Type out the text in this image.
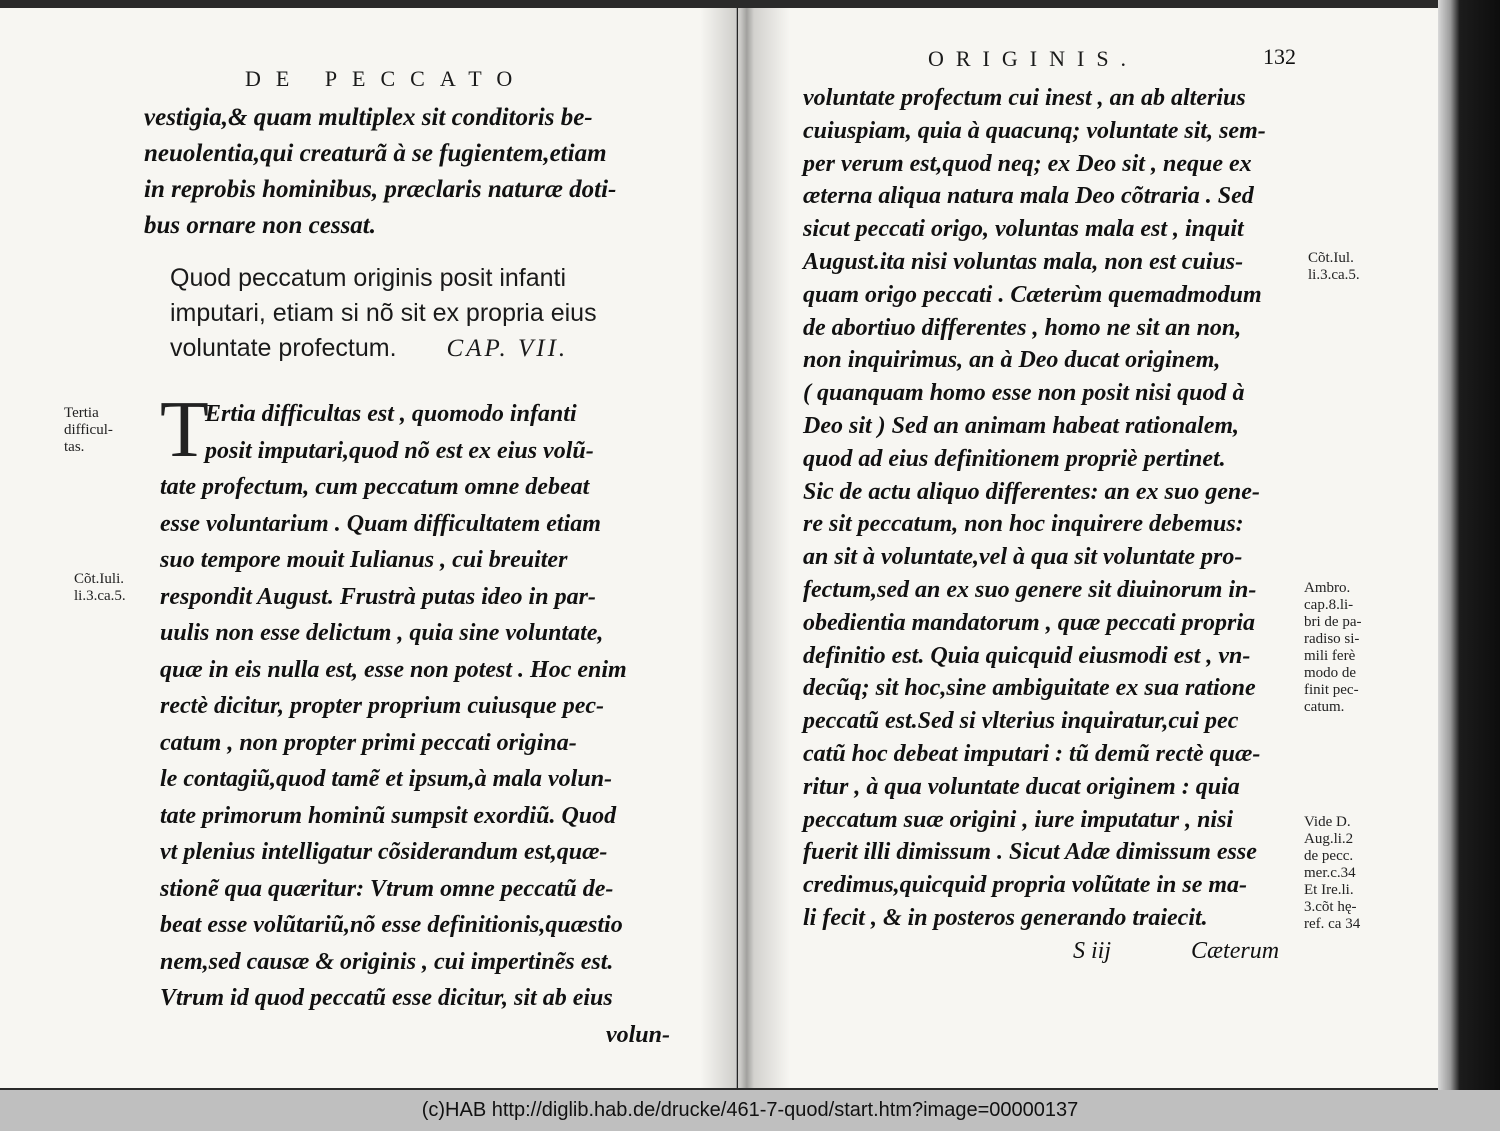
DE PECCATO
vestigia,& quam multiplex sit conditoris be-
neuolentia,qui creaturã à se fugientem,etiam
in reprobis hominibus, præclaris naturæ doti-
bus ornare non cessat.
Quod peccatum originis posit infanti
imputari, etiam si nõ sit ex propria eius
voluntate profectum. CAP. VII.
Tertia
difficul-
tas.
Cõt.Iuli.
li.3.ca.5.
T
Ertia difficultas est , quomodo infanti
posit imputari,quod nõ est ex eius volũ-
tate profectum, cum peccatum omne debeat
esse voluntarium . Quam difficultatem etiam
suo tempore mouit Iulianus , cui breuiter
respondit August. Frustrà putas ideo in par-
uulis non esse delictum , quia sine voluntate,
quæ in eis nulla est, esse non potest . Hoc enim
rectè dicitur, propter proprium cuiusque pec-
catum , non propter primi peccati origina-
le contagiũ,quod tamẽ et ipsum,à mala volun-
tate primorum hominũ sumpsit exordiũ. Quod
vt plenius intelligatur cõsiderandum est,quæ-
stionẽ qua quæritur: Vtrum omne peccatũ de-
beat esse volũtariũ,nõ esse definitionis,quæstio
nem,sed causæ & originis , cui impertinẽs est.
Vtrum id quod peccatũ esse dicitur, sit ab eius
volun-
ORIGINIS.	132
voluntate profectum cui inest , an ab alterius
cuiuspiam, quia à quacunq; voluntate sit, sem-
per verum est,quod neq; ex Deo sit , neque ex
æterna aliqua natura mala Deo cõtraria . Sed
sicut peccati origo, voluntas mala est , inquit
August.ita nisi voluntas mala, non est cuius-
quam origo peccati . Cæterùm quemadmodum
de abortiuo differentes , homo ne sit an non,
non inquirimus, an à Deo ducat originem,
( quanquam homo esse non posit nisi quod à
Deo sit ) Sed an animam habeat rationalem,
quod ad eius definitionem propriè pertinet.
Sic de actu aliquo differentes: an ex suo gene-
re sit peccatum, non hoc inquirere debemus:
an sit à voluntate,vel à qua sit voluntate pro-
fectum,sed an ex suo genere sit diuinorum in-
obedientia mandatorum , quæ peccati propria
definitio est. Quia quicquid eiusmodi est , vn-
decũq; sit hoc,sine ambiguitate ex sua ratione
peccatũ est.Sed si vlterius inquiratur,cui pec
catũ hoc debeat imputari : tũ demũ rectè quæ-
ritur , à qua voluntate ducat originem : quia
peccatum suæ origini , iure imputatur , nisi
fuerit illi dimissum . Sicut Adæ dimissum esse
credimus,quicquid propria volũtate in se ma-
li fecit , & in posteros generando traiecit.
S iij	Cæterum
Cõt.Iul.
li.3.ca.5.
Ambro.
cap.8.li-
bri de pa-
radiso si-
mili ferè
modo de
finit pec-
catum.
Vide D.
Aug.li.2
de pecc.
mer.c.34
Et Ire.li.
3.cõt hę-
ref. ca 34
(c)HAB http://diglib.hab.de/drucke/461-7-quod/start.htm?image=00000137
